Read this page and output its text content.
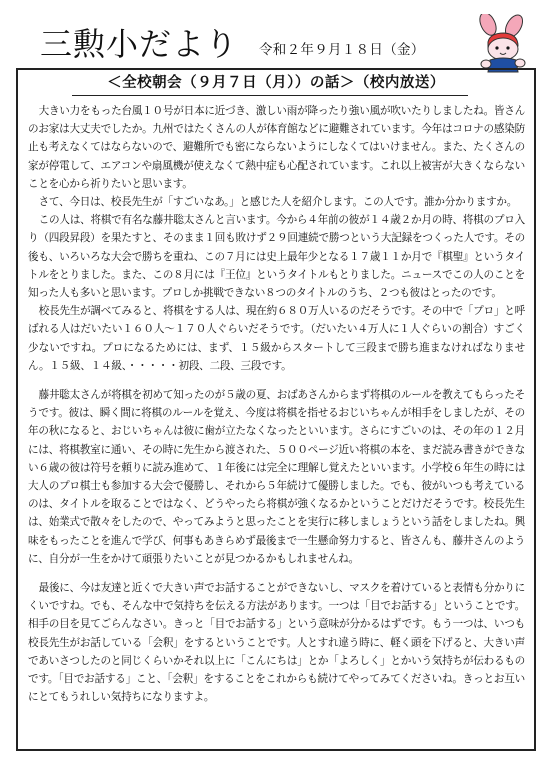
三勲小だより 令和２年９月１８日（金）
＜全校朝会（９月７日（月））の話＞（校内放送）

大きい力をもった台風１０号が日本に近づき、激しい雨が降ったり強い風が吹いたりしましたね。皆さんのお家は大丈夫でしたか。九州ではたくさんの人が体育館などに避難されています。今年はコロナの感染防止も考えなくてはならないので、避難所でも密にならないようにしなくてはいけません。また、たくさんの家が停電して、エアコンや扇風機が使えなくて熱中症も心配されています。これ以上被害が大きくならないことを心から祈りたいと思います。

さて、今日は、校長先生が「すごいなあ。」と感じた人を紹介します。この人です。誰か分かりますか。

この人は、将棋で有名な藤井聡太さんと言います。今から４年前の彼が１４歳２か月の時、将棋のプロ入り（四段昇段）を果たすと、そのまま１回も敗けず２９回連続で勝つという大記録をつくった人です。その後も、いろいろな大会で勝ちを重ね、この７月には史上最年少となる１７歳１１か月で『棋聖』というタイトルをとりました。また、この８月には『王位』というタイトルもとりました。ニュースでこの人のことを知った人も多いと思います。プロしか挑戦できない８つのタイトルのうち、２つも彼はとったのです。

校長先生が調べてみると、将棋をする人は、現在約６８０万人いるのだそうです。その中で「プロ」と呼ばれる人はだいたい１６０人～１７０人ぐらいだそうです。（だいたい４万人に１人ぐらいの割合）すごく少ないですね。プロになるためには、まず、１５級からスタートして三段まで勝ち進まなければなりません。１５級、１４級、・・・・・初段、二段、三段です。

藤井聡太さんが将棋を初めて知ったのが５歳の夏、おばあさんからまず将棋のルールを教えてもらったそうです。彼は、瞬く間に将棋のルールを覚え、今度は将棋を指せるおじいちゃんが相手をしましたが、その年の秋になると、おじいちゃんは彼に歯が立たなくなったといいます。さらにすごいのは、その年の１２月には、将棋教室に通い、その時に先生から渡された、５００ページ近い将棋の本を、まだ読み書きができない６歳の彼は符号を頼りに読み進めて、１年後には完全に理解し覚えたといいます。小学校６年生の時には大人のプロ棋士も参加する大会で優勝し、それから５年続けて優勝しました。でも、彼がいつも考えているのは、タイトルを取ることではなく、どうやったら将棋が強くなるかということだけだそうです。校長先生は、始業式で散々をしたので、やってみようと思ったことを実行に移しましょうという話をしましたね。興味をもったことを進んで学び、何事もあきらめず最後まで一生懸命努力すると、皆さんも、藤井さんのように、自分が一生をかけて頑張りたいことが見つかるかもしれませんね。

最後に、今は友達と近くで大きい声でお話することができないし、マスクを着けていると表情も分かりにくいですね。でも、そんな中で気持ちを伝える方法があります。一つは「目でお話する」ということです。相手の目を見てごらんなさい。きっと「目でお話する」という意味が分かるはずです。もう一つは、いつも校長先生がお話している「会釈」をするということです。人とすれ違う時に、軽く頭を下げると、大きい声であいさつしたのと同じくらいかそれ以上に「こんにちは」とか「よろしく」とかいう気持ちが伝わるものです。「目でお話する」こと、「会釈」をすることをこれからも続けてやってみてくださいね。きっとお互いにとてもうれしい気持ちになりますよ。
